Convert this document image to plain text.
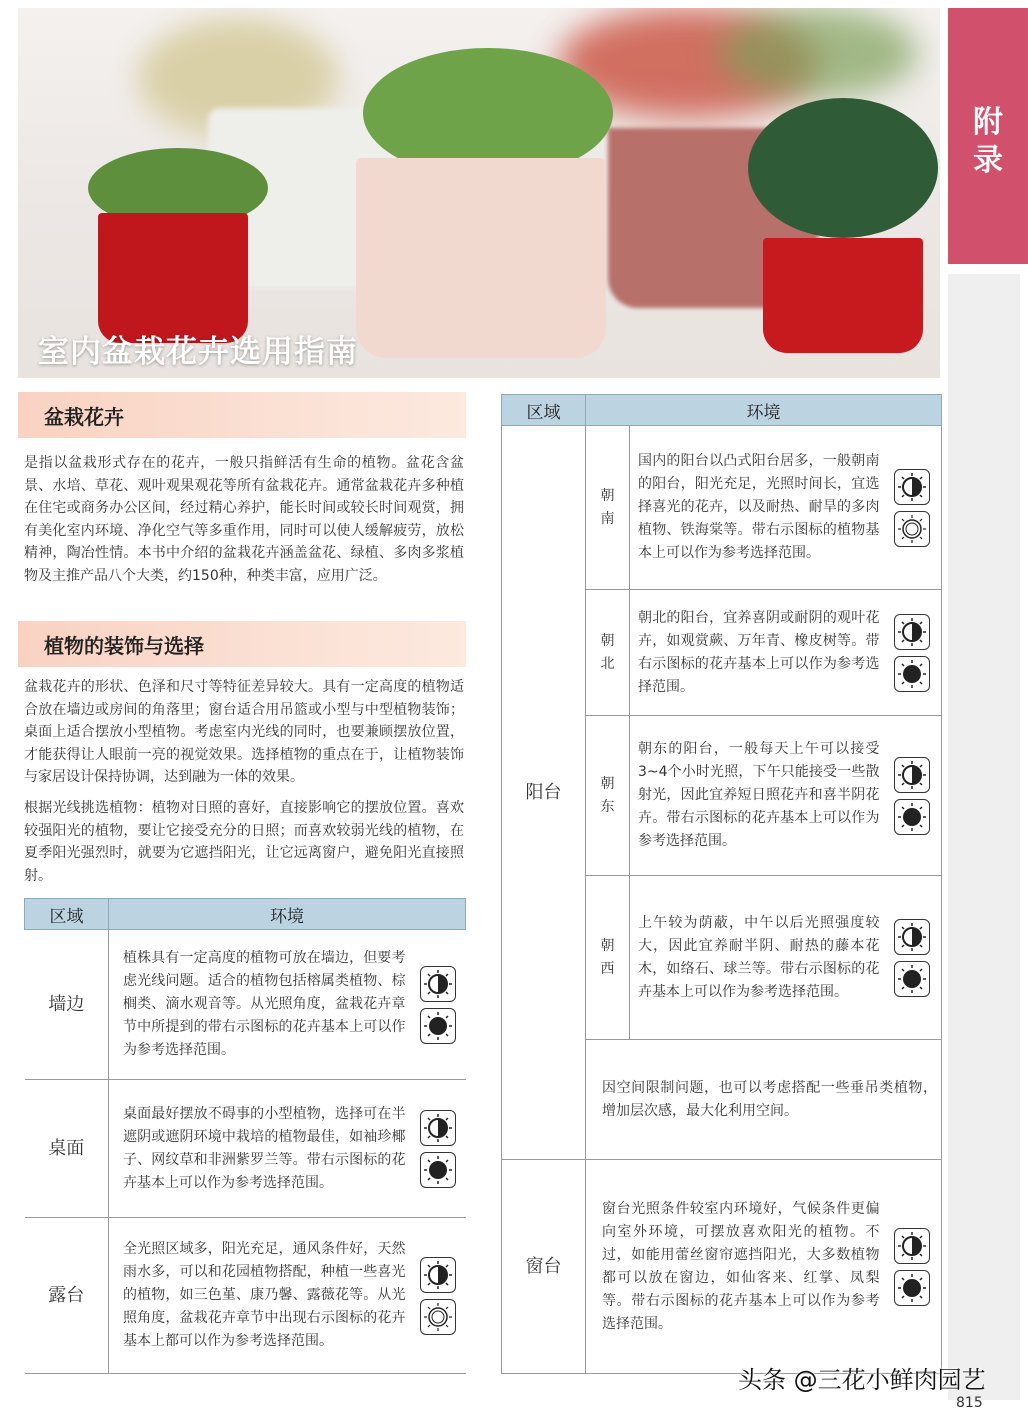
室内盆栽花卉选用指南
附
录
盆栽花卉
是指以盆栽形式存在的花卉，一般只指鲜活有生命的植物。盆花含盆景、水培、草花、观叶观果观花等所有盆栽花卉。通常盆栽花卉多种植在住宅或商务办公区间，经过精心养护，能长时间或较长时间观赏，拥有美化室内环境、净化空气等多重作用，同时可以使人缓解疲劳，放松精神，陶冶性情。本书中介绍的盆栽花卉涵盖盆花、绿植、多肉多浆植物及主推产品八个大类，约150种，种类丰富，应用广泛。
植物的装饰与选择
盆栽花卉的形状、色泽和尺寸等特征差异较大。具有一定高度的植物适合放在墙边或房间的角落里；窗台适合用吊篮或小型与中型植物装饰；桌面上适合摆放小型植物。考虑室内光线的同时，也要兼顾摆放位置，才能获得让人眼前一亮的视觉效果。选择植物的重点在于，让植物装饰与家居设计保持协调，达到融为一体的效果。
根据光线挑选植物：植物对日照的喜好，直接影响它的摆放位置。喜欢较强阳光的植物，要让它接受充分的日照；而喜欢较弱光线的植物，在夏季阳光强烈时，就要为它遮挡阳光，让它远离窗户，避免阳光直接照射。
区域	环境	
墙边	植株具有一定高度的植物可放在墙边，但要考虑光线问题。适合的植物包括榕属类植物、棕榈类、滴水观音等。从光照角度，盆栽花卉章节中所提到的带右示图标的花卉基本上可以作为参考选择范围。	

桌面	桌面最好摆放不碍事的小型植物，选择可在半遮阴或遮阴环境中栽培的植物最佳，如袖珍椰子、网纹草和非洲紫罗兰等。带右示图标的花卉基本上可以作为参考选择范围。	

露台	全光照区域多，阳光充足，通风条件好，天然雨水多，可以和花园植物搭配，种植一些喜光的植物，如三色堇、康乃馨、露薇花等。从光照角度，盆栽花卉章节中出现右示图标的花卉基本上都可以作为参考选择范围。	
区域	环境		
阳台	朝南	国内的阳台以凸式阳台居多，一般朝南的阳台，阳光充足，光照时间长，宜选择喜光的花卉，以及耐热、耐旱的多肉植物、铁海棠等。带右示图标的植物基本上可以作为参考选择范围。	

	朝北	朝北的阳台，宜养喜阴或耐阴的观叶花卉，如观赏蕨、万年青、橡皮树等。带右示图标的花卉基本上可以作为参考选择范围。	

	朝东	朝东的阳台，一般每天上午可以接受3~4个小时光照，下午只能接受一些散射光，因此宜养短日照花卉和喜半阴花卉。带右示图标的花卉基本上可以作为参考选择范围。	

	朝西	上午较为荫蔽，中午以后光照强度较大，因此宜养耐半阴、耐热的藤本花木，如络石、球兰等。带右示图标的花卉基本上可以作为参考选择范围。	

	因空间限制问题，也可以考虑搭配一些垂吊类植物，增加层次感，最大化利用空间。		
窗台	窗台光照条件较室内环境好，气候条件更偏向室外环境，可摆放喜欢阳光的植物。不过，如能用蕾丝窗帘遮挡阳光，大多数植物都可以放在窗边，如仙客来、红掌、凤梨等。带右示图标的花卉基本上可以作为参考选择范围。	
头条 @三花小鲜肉园艺
815
